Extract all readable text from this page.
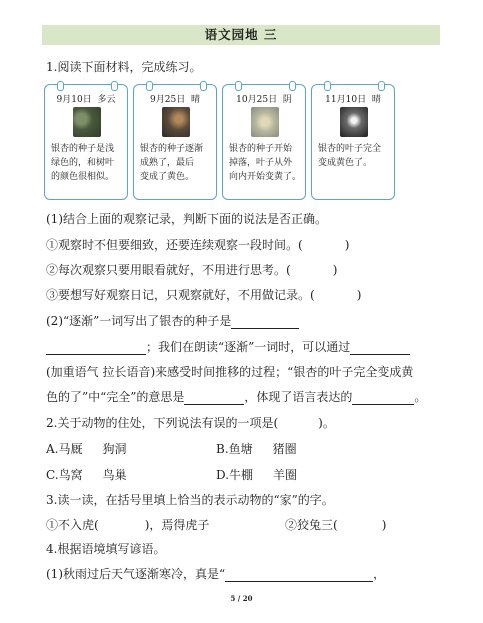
语文园地 三
1.阅读下面材料，完成练习。
9月10日 多云
银杏的种子是浅
绿色的，和树叶
的颜色很相似。
9月25日 晴
银杏的种子逐渐
成熟了，最后
变成了黄色。
10月25日 阴
银杏的种子开始
掉落，叶子从外
向内开始变黄了。
11月10日 晴
银杏的叶子完全
变成黄色了。
(1)结合上面的观察记录，判断下面的说法是否正确。
①观察时不但要细致，还要连续观察一段时间。(	)
②每次观察只要用眼看就好，不用进行思考。(	)
③要想写好观察日记，只观察就好，不用做记录。(	)
(2)“逐渐”一词写出了银杏的种子是
；我们在朗读“逐渐”一词时，可以通过
(加重语气 拉长语音)来感受时间推移的过程；“银杏的叶子完全变成黄
色的了”中“完全”的意思是	，体现了语言表达的	。
2.关于动物的住处，下列说法有误的一项是(	)。
A.马厩 狗洞	B.鱼塘 猪圈
C.鸟窝 鸟巢	D.牛棚 羊圈
3.读一读，在括号里填上恰当的表示动物的“家”的字。
①不入虎(	)，焉得虎子	②狡兔三(	)
4.根据语境填写谚语。
(1)秋雨过后天气逐渐寒冷，真是“	，
5 / 20
